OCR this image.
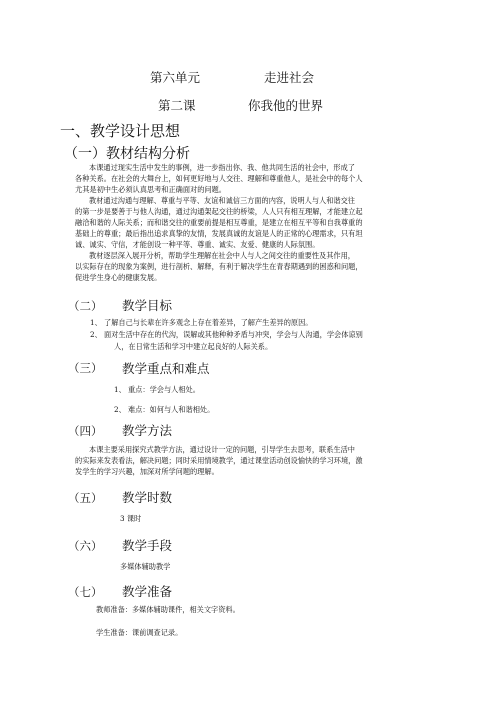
第六单元	走进社会
第二课	你我他的世界
一、教学设计思想
（一）教材结构分析
本课通过现实生活中发生的事例，进一步指出你、我、他共同生活的社会中，形成了
各种关系。在社会的大舞台上，如何更好地与人交往、理解和尊重他人，是社会中的每个人
尤其是初中生必须认真思考和正确面对的问题。
教材通过沟通与理解、尊重与平等、友谊和诚信三方面的内容，说明人与人和谐交往
的第一步是要善于与他人沟通，通过沟通架起交往的桥梁，人人只有相互理解，才能建立起
融洽和谐的人际关系；而和谐交往的重要前提是相互尊重，是建立在相互平等和自我尊重的
基础上的尊重；最后指出追求真挚的友情，发展真诚的友谊是人的正常的心理需求，只有坦
诚、诚实、守信，才能创设一种平等、尊重、诚实、友爱、健康的人际氛围。
教材逐层深入展开分析，帮助学生理解在社会中人与人之间交往的重要性及其作用，
以实际存在的现象为案例，进行剖析、解释，有利于解决学生在青春期遇到的困惑和问题，
促进学生身心的健康发展。
（二） 教学目标
1、 了解自己与长辈在许多观念上存在着差异，了解产生差异的原因。
2、 面对生活中存在的代沟，误解或其他种种矛盾与冲突，学会与人沟通，学会体谅别
人，在日常生活和学习中建立起良好的人际关系。
（三） 教学重点和难点
1、 重点：学会与人相处。
2、 难点：如何与人和谐相处。
（四） 教学方法
本课主要采用探究式教学方法，通过设计一定的问题，引导学生去思考，联系生活中
的实际来发表看法，解决问题；同时采用情境教学，通过课堂活动创设愉快的学习环境，激
发学生的学习兴趣，加深对所学问题的理解。
（五） 教学时数
3 课时
（六） 教学手段
多媒体辅助教学
（七） 教学准备
教师准备：多媒体辅助课件，相关文字资料。
学生准备：课前调查记录。
